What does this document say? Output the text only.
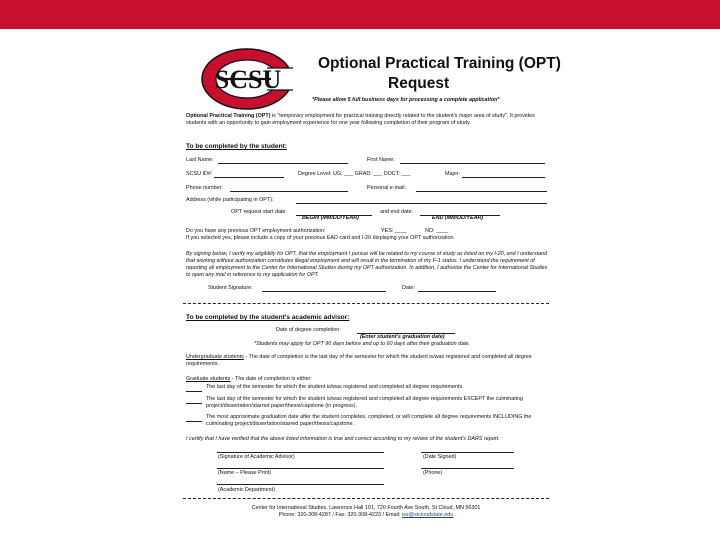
SCSU
Optional Practical Training (OPT)
Request
*Please allow 5 full business days for processing a complete application*
Optional Practical Training (OPT) is "temporary employment for practical training directly related to the student's major area of study". It provides students with an opportunity to gain employment experience for one year following completion of their program of study.
To be completed by the student:
Last Name:	First Name:
SCSU ID#:	Degree Level: UG: ___ GRAD: ___ DOCT: ___	Major:
Phone number:	Personal e-mail:
Address (while participating in OPT):
OPT request start date:	and end date:
BEGIN (MM/DD/YEAR)	END (MM/DD/YEAR)
Do you have any previous OPT employment authorization:	YES: ____	NO: ____
If you selected yes, please include a copy of your previous EAD card and I-20 displaying your OPT authorization.
By signing below, I verify my eligibility for OPT, that the employment I pursue will be related to my course of study as listed on my I-20, and I understand that working without authorization constitutes illegal employment and will result in the termination of my F-1 status. I understand the requirement of reporting all employment to the Center for International Studies during my OPT authorization. In addition, I authorize the Center for International Studies to open any mail in reference to my application for OPT.
Student Signature:	Date:
To be completed by the student's academic advisor:
Date of degree completion:
(Enter student's graduation date)
*Students may apply for OPT 90 days before and up to 60 days after their graduation date.
Undergraduate students - The date of completion is the last day of the semester for which the student is/was registered and completed all degree requirements.
Graduate students - The date of completion is either:
The last day of the semester for which the student is/was registered and completed all degree requirements.
The last day of the semester for which the student is/was registered and completed all degree requirements EXCEPT the culminating project/dissertation/starred paper/thesis/capstone (in progress).
The most approximate graduation date after the student completes, completed, or will complete all degree requirements INCLUDING the culminating project/dissertation/starred paper/thesis/capstone.
I certify that I have verified that the above listed information is true and correct according to my review of the student's DARS report.
(Signature of Academic Advisor)	(Date Signed)
(Name – Please Print)	(Phone)
(Academic Department)
Center for International Studies, Lawrence Hall 101, 720 Fourth Ave South, St Cloud, MN 56301
Phone: 320-308-4287 / Fax: 320-308-4223 / Email: iss@stcloudstate.edu
